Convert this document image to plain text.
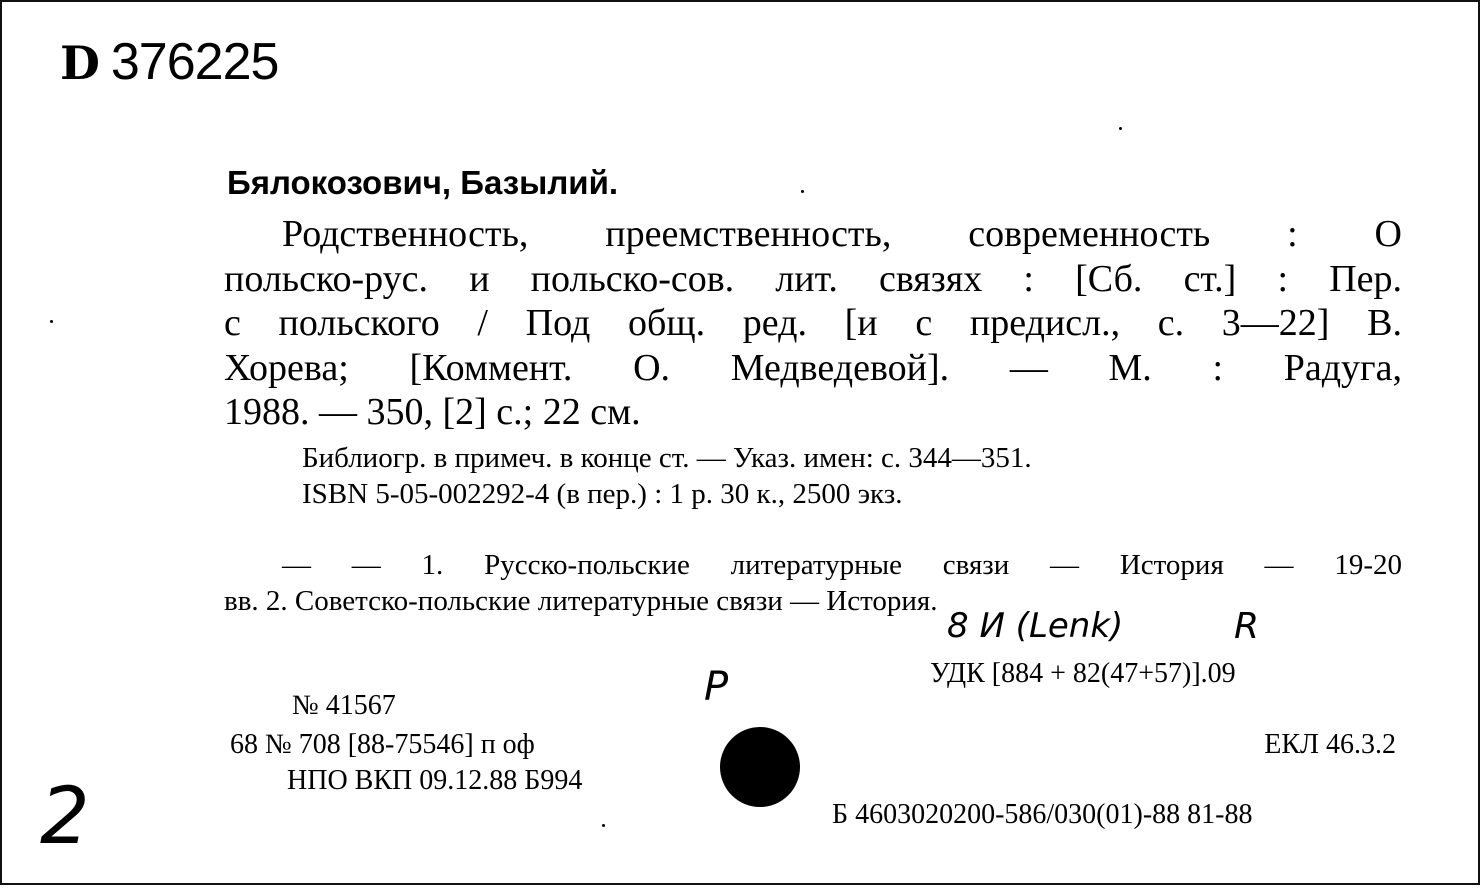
D 376225
Бялокозович, Базылий.
Родственность, преемственность, современность : О
польско-рус. и польско-сов. лит. связях : [Сб. ст.] : Пер.
с польского / Под общ. ред. [и с предисл., с. 3—22] В.
Хорева; [Коммент. О. Медведевой]. — М. : Радуга,
1988. — 350, [2] с.; 22 см.
Библиогр. в примеч. в конце ст. — Указ. имен: с. 344—351.
ISBN 5-05-002292-4 (в пер.) : 1 р. 30 к., 2500 экз.
— — 1. Русско-польские литературные связи — История — 19-20
вв. 2. Советско-польские литературные связи — История.
8 И (Lenk)	R
УДК [884 + 82(47+57)].09
ЕКЛ 46.3.2
№ 41567
68 № 708 [88-75546] п оф
НПО ВКП 09.12.88 Б994
P
Б 4603020200-586/030(01)-88 81-88
2
